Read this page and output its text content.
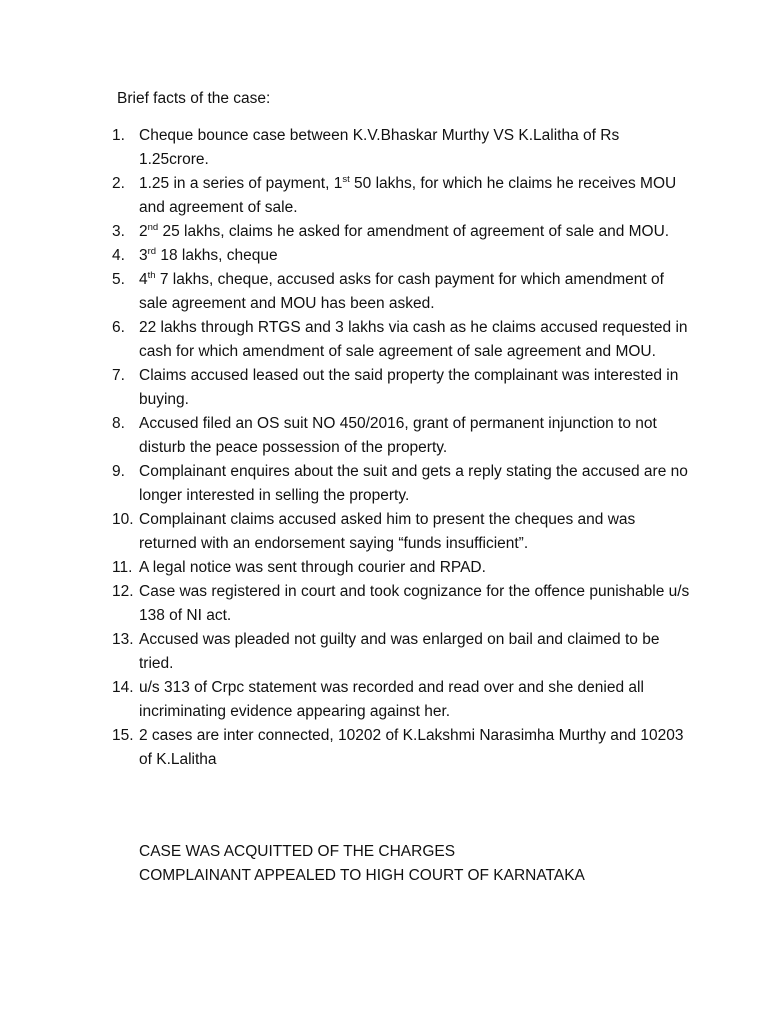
Brief facts of the case:

1. Cheque bounce case between K.V.Bhaskar Murthy VS K.Lalitha of Rs 1.25crore.
2. 1.25 in a series of payment, 1st 50 lakhs, for which he claims he receives MOU and agreement of sale.
3. 2nd 25 lakhs, claims he asked for amendment of agreement of sale and MOU.
4. 3rd 18 lakhs, cheque
5. 4th 7 lakhs, cheque, accused asks for cash payment for which amendment of sale agreement and MOU has been asked.
6. 22 lakhs through RTGS and 3 lakhs via cash as he claims accused requested in cash for which amendment of sale agreement of sale agreement and MOU.
7. Claims accused leased out the said property the complainant was interested in buying.
8. Accused filed an OS suit NO 450/2016, grant of permanent injunction to not disturb the peace possession of the property.
9. Complainant enquires about the suit and gets a reply stating the accused are no longer interested in selling the property.
10. Complainant claims accused asked him to present the cheques and was returned with an endorsement saying “funds insufficient”.
11. A legal notice was sent through courier and RPAD.
12. Case was registered in court and took cognizance for the offence punishable u/s 138 of NI act.
13. Accused was pleaded not guilty and was enlarged on bail and claimed to be tried.
14. u/s 313 of Crpc statement was recorded and read over and she denied all incriminating evidence appearing against her.
15. 2 cases are inter connected, 10202 of K.Lakshmi Narasimha Murthy and 10203 of K.Lalitha
CASE WAS ACQUITTED OF THE CHARGES
COMPLAINANT APPEALED TO HIGH COURT OF KARNATAKA
